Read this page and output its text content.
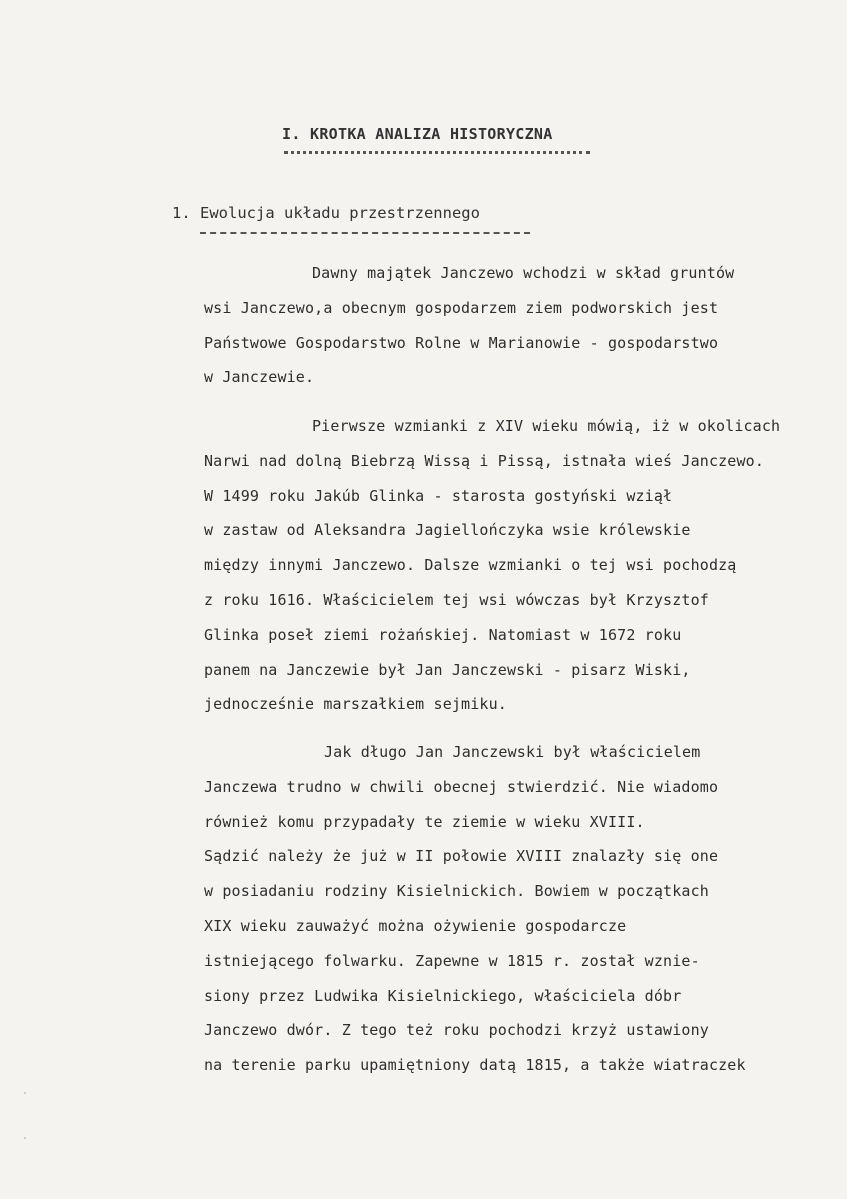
I. KROTKA ANALIZA HISTORYCZNA
1. Ewolucja układu przestrzennego
Dawny majątek Janczewo wchodzi w skład gruntów
wsi Janczewo,a obecnym gospodarzem ziem podworskich jest
Państwowe Gospodarstwo Rolne w Marianowie - gospodarstwo
w Janczewie.
Pierwsze wzmianki z XIV wieku mówią, iż w okolicach
Narwi nad dolną Biebrzą Wissą i Pissą, istnała wieś Janczewo.
W 1499 roku Jakúb Glinka - starosta gostyński wziął
w zastaw od Aleksandra Jagiellończyka wsie królewskie
między innymi Janczewo. Dalsze wzmianki o tej wsi pochodzą
z roku 1616. Właścicielem tej wsi wówczas był Krzysztof
Glinka poseł ziemi rożańskiej. Natomiast w 1672 roku
panem na Janczewie był Jan Janczewski - pisarz Wiski,
jednocześnie marszałkiem sejmiku.
Jak długo Jan Janczewski był właścicielem
Janczewa trudno w chwili obecnej stwierdzić. Nie wiadomo
również komu przypadały te ziemie w wieku XVIII.
Sądzić należy że już w II połowie XVIII znalazły się one
w posiadaniu rodziny Kisielnickich. Bowiem w początkach
XIX wieku zauważyć można ożywienie gospodarcze
istniejącego folwarku. Zapewne w 1815 r. został wznie-
siony przez Ludwika Kisielnickiego, właściciela dóbr
Janczewo dwór. Z tego też roku pochodzi krzyż ustawiony
na terenie parku upamiętniony datą 1815, a także wiatraczek
˙
˙
